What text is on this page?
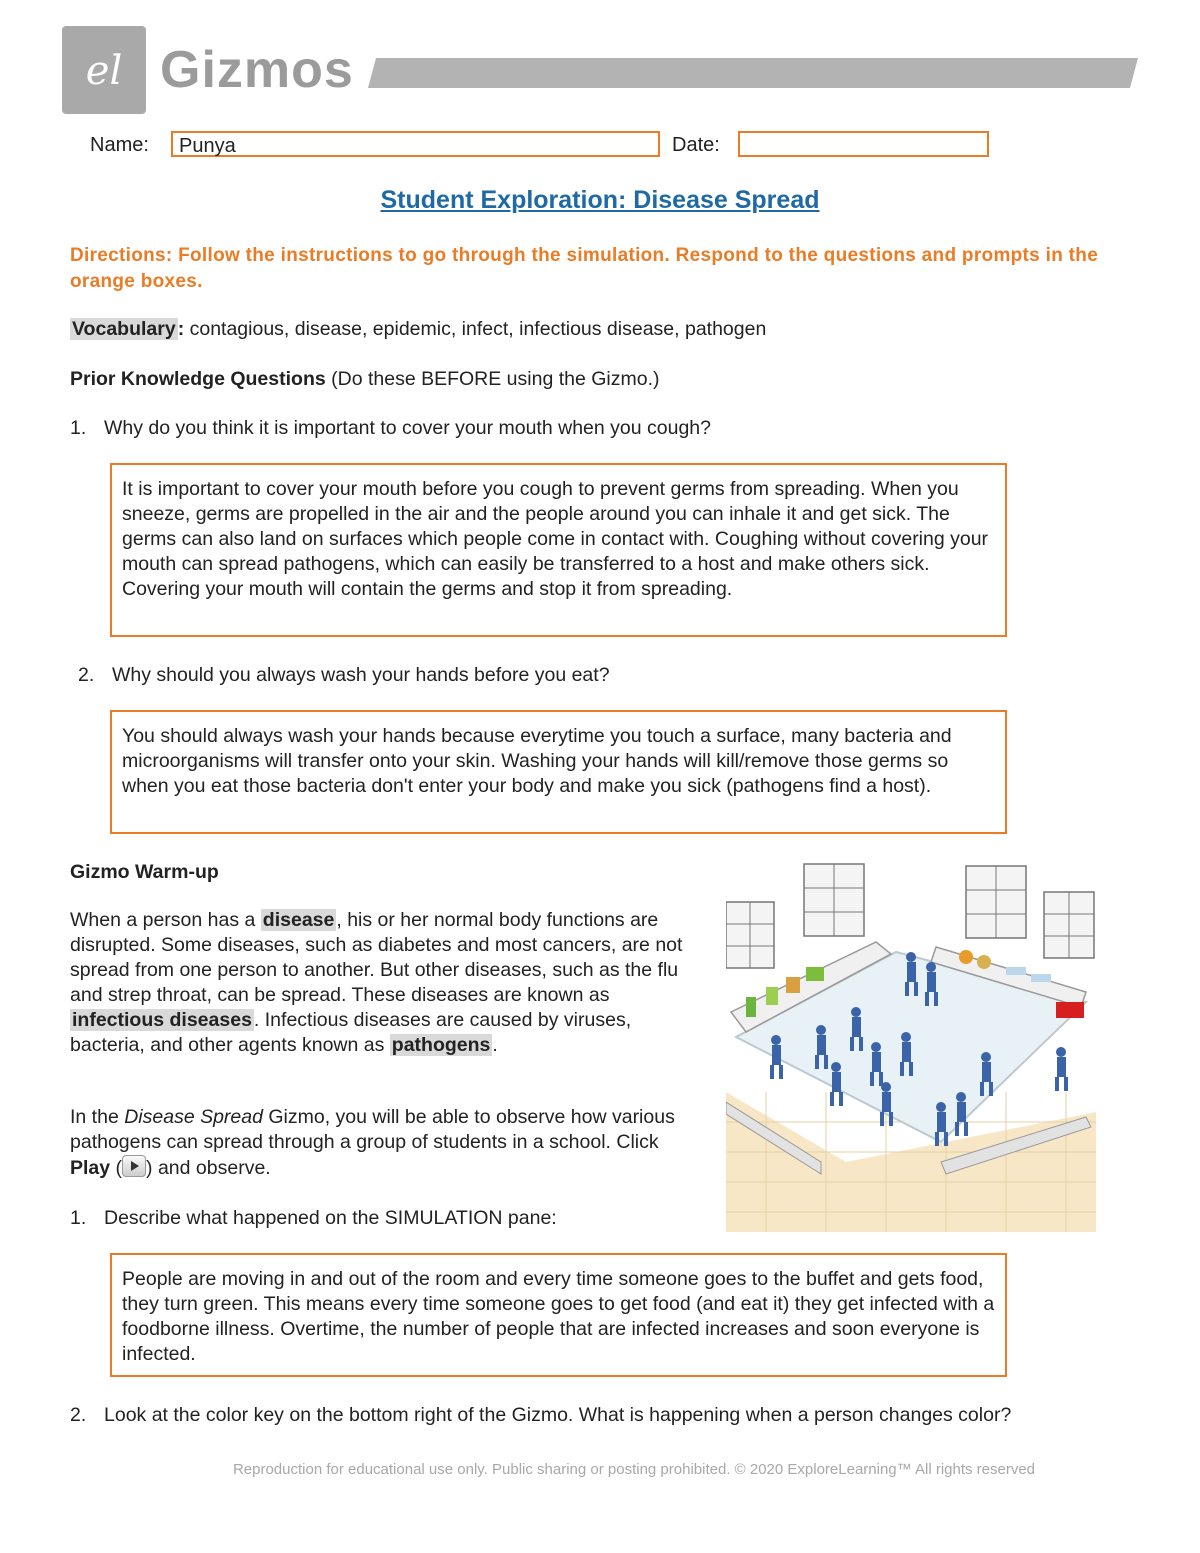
el Gizmos
Name:	Punya	Date:
Student Exploration: Disease Spread
Directions: Follow the instructions to go through the simulation. Respond to the questions and prompts in the orange boxes.
Vocabulary : contagious, disease, epidemic, infect, infectious disease, pathogen
Prior Knowledge Questions (Do these BEFORE using the Gizmo.)
1. Why do you think it is important to cover your mouth when you cough?
It is important to cover your mouth before you cough to prevent germs from spreading. When you sneeze, germs are propelled in the air and the people around you can inhale it and get sick. The germs can also land on surfaces which people come in contact with. Coughing without covering your mouth can spread pathogens, which can easily be transferred to a host and make others sick. Covering your mouth will contain the germs and stop it from spreading.
2. Why should you always wash your hands before you eat?
You should always wash your hands because everytime you touch a surface, many bacteria and microorganisms will transfer onto your skin. Washing your hands will kill/remove those germs so when you eat those bacteria don't enter your body and make you sick (pathogens find a host).
Gizmo Warm-up
When a person has a disease , his or her normal body functions are disrupted. Some diseases, such as diabetes and most cancers, are not spread from one person to another. But other diseases, such as the flu and strep throat, can be spread. These diseases are known as infectious diseases . Infectious diseases are caused by viruses, bacteria, and other agents known as pathogens .
In the Disease Spread Gizmo, you will be able to observe how various pathogens can spread through a group of students in a school. Click Play ( ) and observe.
1. Describe what happened on the SIMULATION pane:
People are moving in and out of the room and every time someone goes to the buffet and gets food, they turn green. This means every time someone goes to get food (and eat it) they get infected with a foodborne illness. Overtime, the number of people that are infected increases and soon everyone is infected.
2. Look at the color key on the bottom right of the Gizmo. What is happening when a person changes color?
Reproduction for educational use only. Public sharing or posting prohibited. © 2020 ExploreLearning™ All rights reserved
